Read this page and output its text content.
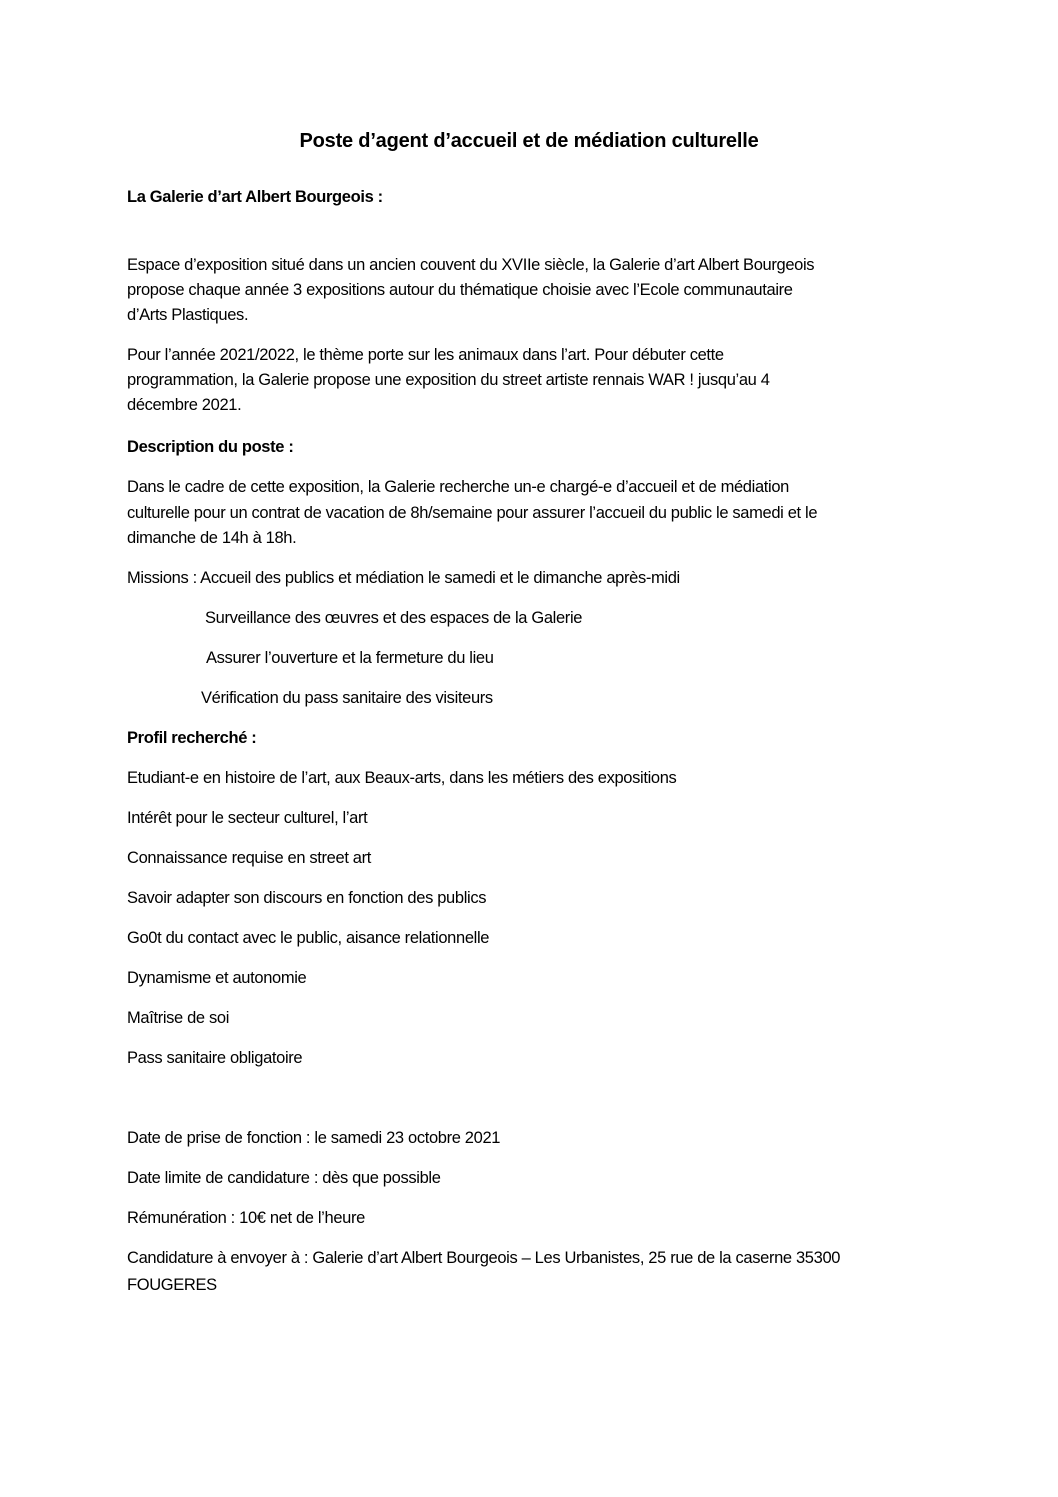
Poste d’agent d’accueil et de médiation culturelle
La Galerie d’art Albert Bourgeois :
Espace d’exposition situé dans un ancien couvent du XVIIe siècle, la Galerie d’art Albert Bourgeois
propose chaque année 3 expositions autour du thématique choisie avec l’Ecole communautaire
d’Arts Plastiques.
Pour l’année 2021/2022, le thème porte sur les animaux dans l’art. Pour débuter cette
programmation, la Galerie propose une exposition du street artiste rennais WAR ! jusqu’au 4
décembre 2021.
Description du poste :
Dans le cadre de cette exposition, la Galerie recherche un-e chargé-e d’accueil et de médiation
culturelle pour un contrat de vacation de 8h/semaine pour assurer l’accueil du public le samedi et le
dimanche de 14h à 18h.
Missions : Accueil des publics et médiation le samedi et le dimanche après-midi
Surveillance des œuvres et des espaces de la Galerie
Assurer l’ouverture et la fermeture du lieu
Vérification du pass sanitaire des visiteurs
Profil recherché :
Etudiant-e en histoire de l’art, aux Beaux-arts, dans les métiers des expositions
Intérêt pour le secteur culturel, l’art
Connaissance requise en street art
Savoir adapter son discours en fonction des publics
Go0t du contact avec le public, aisance relationnelle
Dynamisme et autonomie
Maîtrise de soi
Pass sanitaire obligatoire
Date de prise de fonction : le samedi 23 octobre 2021
Date limite de candidature : dès que possible
Rémunération : 10€ net de l’heure
Candidature à envoyer à : Galerie d’art Albert Bourgeois – Les Urbanistes, 25 rue de la caserne 35300
FOUGERES
